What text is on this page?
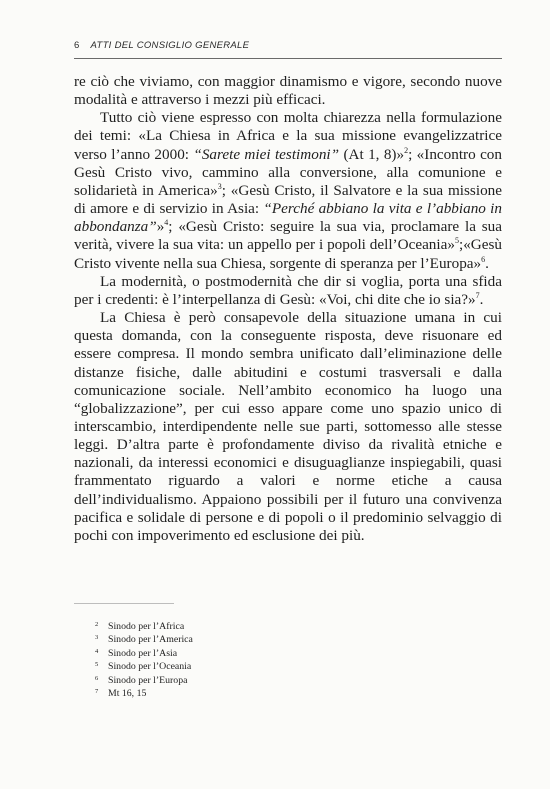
6 ATTI DEL CONSIGLIO GENERALE

re ciò che viviamo, con maggior dinamismo e vigore, secondo nuove modalità e attraverso i mezzi più efficaci.

Tutto ciò viene espresso con molta chiarezza nella formulazione dei temi: «La Chiesa in Africa e la sua missione evangelizzatrice verso l’anno 2000: “Sarete miei testimoni” (At 1, 8)»$^2$; «Incontro con Gesù Cristo vivo, cammino alla conversione, alla comunione e solidarietà in America»$^3$; «Gesù Cristo, il Salvatore e la sua missione di amore e di servizio in Asia: “Perché abbiano la vita e l’abbiano in abbondanza”»$^4$; «Gesù Cristo: seguire la sua via, proclamare la sua verità, vivere la sua vita: un appello per i popoli dell’Oceania»$^5$;«Gesù Cristo vivente nella sua Chiesa, sorgente di speranza per l’Europa»$^6$.

La modernità, o postmodernità che dir si voglia, porta una sfida per i credenti: è l’interpellanza di Gesù: «Voi, chi dite che io sia?»$^7$.

La Chiesa è però consapevole della situazione umana in cui questa domanda, con la conseguente risposta, deve risuonare ed essere compresa. Il mondo sembra unificato dall’eliminazione delle distanze fisiche, dalle abitudini e costumi trasversali e dalla comunicazione sociale. Nell’ambito economico ha luogo una “globalizzazione”, per cui esso appare come uno spazio unico di interscambio, interdipendente nelle sue parti, sottomesso alle stesse leggi. D’altra parte è profondamente diviso da rivalità etniche e nazionali, da interessi economici e disuguaglianze inspiegabili, quasi frammentato riguardo a valori e norme etiche a causa dell’individualismo. Appaiono possibili per il futuro una convivenza pacifica e solidale di persone e di popoli o il predominio selvaggio di pochi con impoverimento ed esclusione dei più.

2 Sinodo per l’Africa
3 Sinodo per l’America
4 Sinodo per l’Asia
5 Sinodo per l’Oceania
6 Sinodo per l’Europa
7 Mt 16, 15
